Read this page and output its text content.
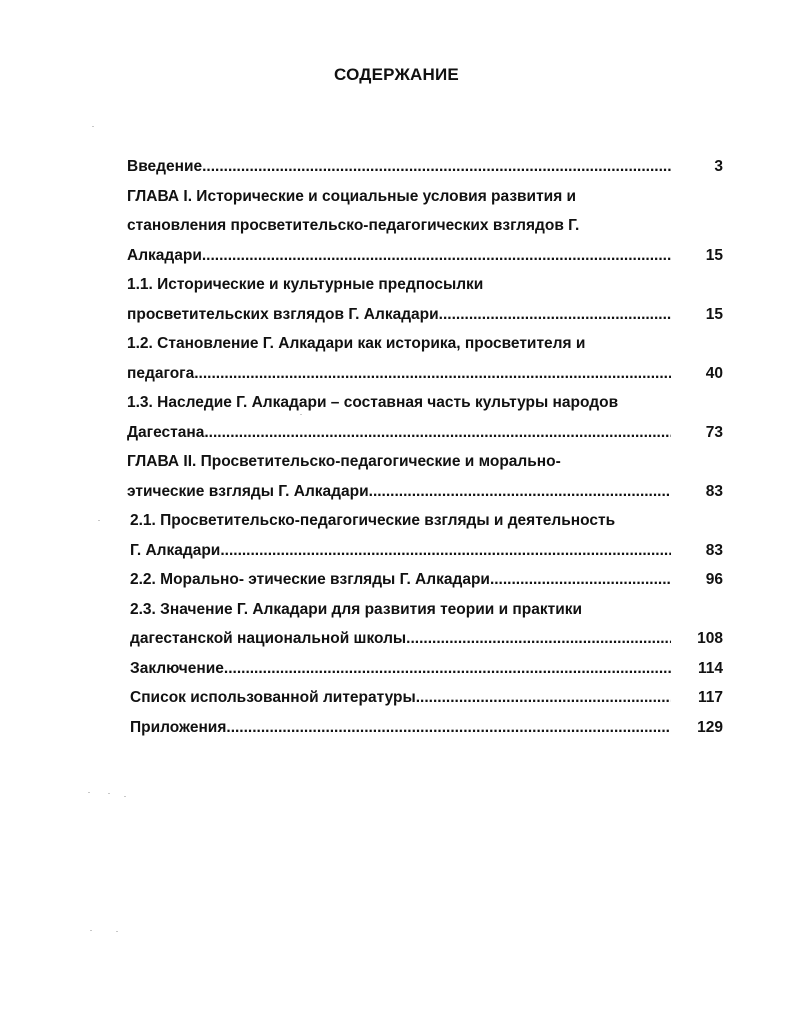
СОДЕРЖАНИЕ
Введение .....	3
ГЛАВА I. Исторические и социальные условия развития и
становления просветительско-педагогических взглядов Г.
Алкадари .....	15
1.1. Исторические и культурные предпосылки
просветительских взглядов Г. Алкадари .....	15
1.2. Становление Г. Алкадари как историка, просветителя и
педагога .....	40
1.3. Наследие Г. Алкадари – составная часть культуры народов
Дагестана .....	73
ГЛАВА II. Просветительско-педагогические и морально-
этические взгляды Г. Алкадари .....	83
2.1. Просветительско-педагогические взгляды и деятельность
Г. Алкадари .....	83
2.2. Морально- этические взгляды Г. Алкадари .....	96
2.3. Значение Г. Алкадари для развития теории и практики
дагестанской национальной школы .....	108
Заключение .....	114
Список использованной литературы .....	117
Приложения .....	129
